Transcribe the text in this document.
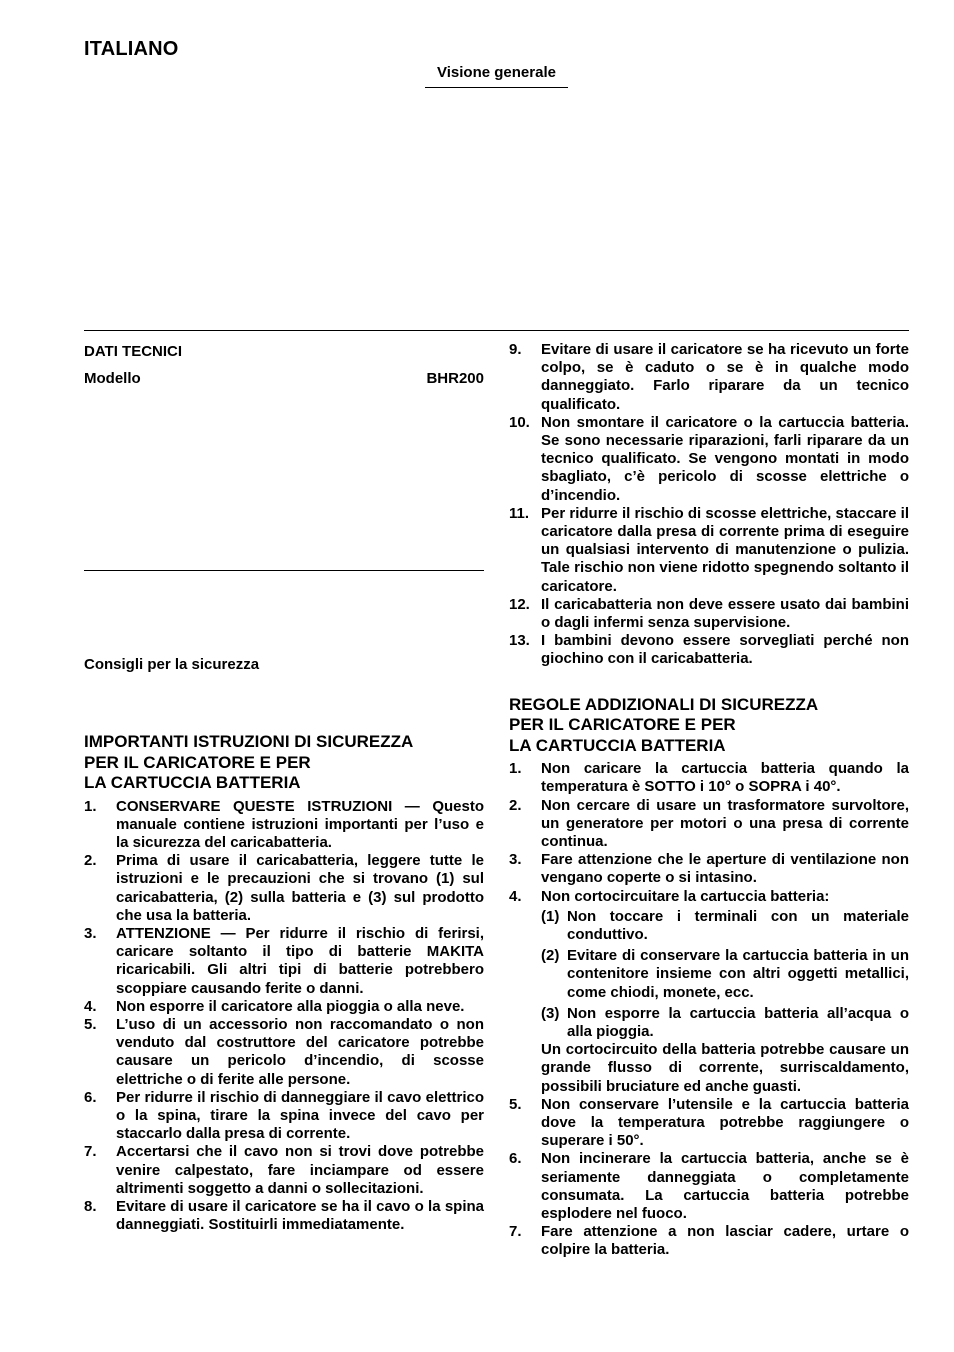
ITALIANO
Visione generale
DATI TECNICI
Modello	BHR200
Consigli per la sicurezza
IMPORTANTI ISTRUZIONI DI SICUREZZA
PER IL CARICATORE E PER
LA CARTUCCIA BATTERIA
1.	CONSERVARE QUESTE ISTRUZIONI — Questo manuale contiene istruzioni importanti per l’uso e la sicurezza del caricabatteria.
2.	Prima di usare il caricabatteria, leggere tutte le istruzioni e le precauzioni che si trovano (1) sul caricabatteria, (2) sulla batteria e (3) sul prodotto che usa la batteria.
3.	ATTENZIONE — Per ridurre il rischio di ferirsi, caricare soltanto il tipo di batterie MAKITA ricaricabili. Gli altri tipi di batterie potrebbero scoppiare causando ferite o danni.
4.	Non esporre il caricatore alla pioggia o alla neve.
5.	L’uso di un accessorio non raccomandato o non venduto dal costruttore del caricatore potrebbe causare un pericolo d’incendio, di scosse elettriche o di ferite alle persone.
6.	Per ridurre il rischio di danneggiare il cavo elettrico o la spina, tirare la spina invece del cavo per staccarlo dalla presa di corrente.
7.	Accertarsi che il cavo non si trovi dove potrebbe venire calpestato, fare inciampare od essere altrimenti soggetto a danni o sollecitazioni.
8.	Evitare di usare il caricatore se ha il cavo o la spina danneggiati. Sostituirli immediatamente.
9.	Evitare di usare il caricatore se ha ricevuto un forte colpo, se è caduto o se è in qualche modo danneggiato. Farlo riparare da un tecnico qualificato.
10. Non smontare il caricatore o la cartuccia batteria. Se sono necessarie riparazioni, farli riparare da un tecnico qualificato. Se vengono montati in modo sbagliato, c’è pericolo di scosse elettriche o d’incendio.
11. Per ridurre il rischio di scosse elettriche, staccare il caricatore dalla presa di corrente prima di eseguire un qualsiasi intervento di manutenzione o pulizia. Tale rischio non viene ridotto spegnendo soltanto il caricatore.
12. Il caricabatteria non deve essere usato dai bambini o dagli infermi senza supervisione.
13. I bambini devono essere sorvegliati perché non giochino con il caricabatteria.
REGOLE ADDIZIONALI DI SICUREZZA
PER IL CARICATORE E PER
LA CARTUCCIA BATTERIA
1.	Non caricare la cartuccia batteria quando la temperatura è SOTTO i 10° o SOPRA i 40°.
2.	Non cercare di usare un trasformatore survoltore, un generatore per motori o una presa di corrente continua.
3.	Fare attenzione che le aperture di ventilazione non vengano coperte o si intasino.
4.	Non cortocircuitare la cartuccia batteria:
(1) Non toccare i terminali con un materiale conduttivo.
(2) Evitare di conservare la cartuccia batteria in un contenitore insieme con altri oggetti metallici, come chiodi, monete, ecc.
(3) Non esporre la cartuccia batteria all’acqua o alla pioggia.
Un cortocircuito della batteria potrebbe causare un grande flusso di corrente, surriscaldamento, possibili bruciature ed anche guasti.
5.	Non conservare l’utensile e la cartuccia batteria dove la temperatura potrebbe raggiungere o superare i 50°.
6.	Non incinerare la cartuccia batteria, anche se è seriamente danneggiata o completamente consumata. La cartuccia batteria potrebbe esplodere nel fuoco.
7.	Fare attenzione a non lasciar cadere, urtare o colpire la batteria.
